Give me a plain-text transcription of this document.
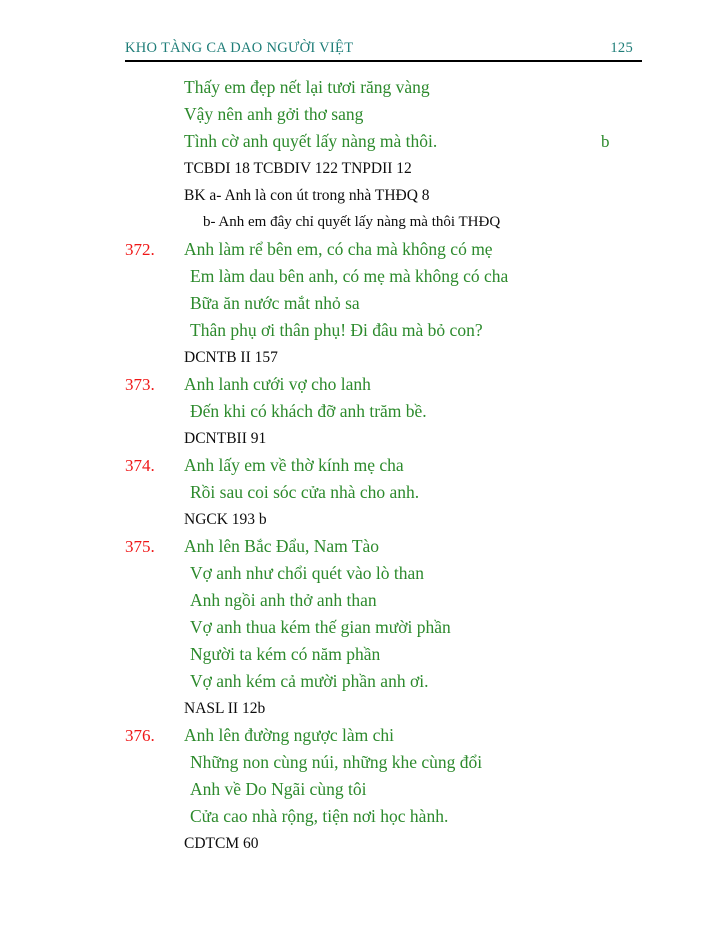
KHO TÀNG CA DAO NGƯỜI VIỆT	125
Thấy em đẹp nết lại tươi răng vàng
Vậy nên anh gởi thơ sang
Tình cờ anh quyết lấy nàng mà thôi.	b
TCBDI 18 TCBDIV 122 TNPDII 12
BK a- Anh là con út trong nhà THĐQ 8
b- Anh em đây chỉ quyết lấy nàng mà thôi THĐQ
372.	Anh làm rể bên em, có cha mà không có mẹ
Em làm dau bên anh, có mẹ mà không có cha
Bữa ăn nước mắt nhỏ sa
Thân phụ ơi thân phụ! Đi đâu mà bỏ con?
DCNTB II 157
373.	Anh lanh cưới vợ cho lanh
Đến khi có khách đỡ anh trăm bề.
DCNTBII 91
374.	Anh lấy em về thờ kính mẹ cha
Rồi sau coi sóc cửa nhà cho anh.
NGCK 193 b
375.	Anh lên Bắc Đẩu, Nam Tào
Vợ anh như chổi quét vào lò than
Anh ngồi anh thở anh than
Vợ anh thua kém thế gian mười phần
Người ta kém có năm phần
Vợ anh kém cả mười phần anh ơi.
NASL II 12b
376.	Anh lên đường ngược làm chi
Những non cùng núi, những khe cùng đổi
Anh về Do Ngãi cùng tôi
Cửa cao nhà rộng, tiện nơi học hành.
CDTCM 60
